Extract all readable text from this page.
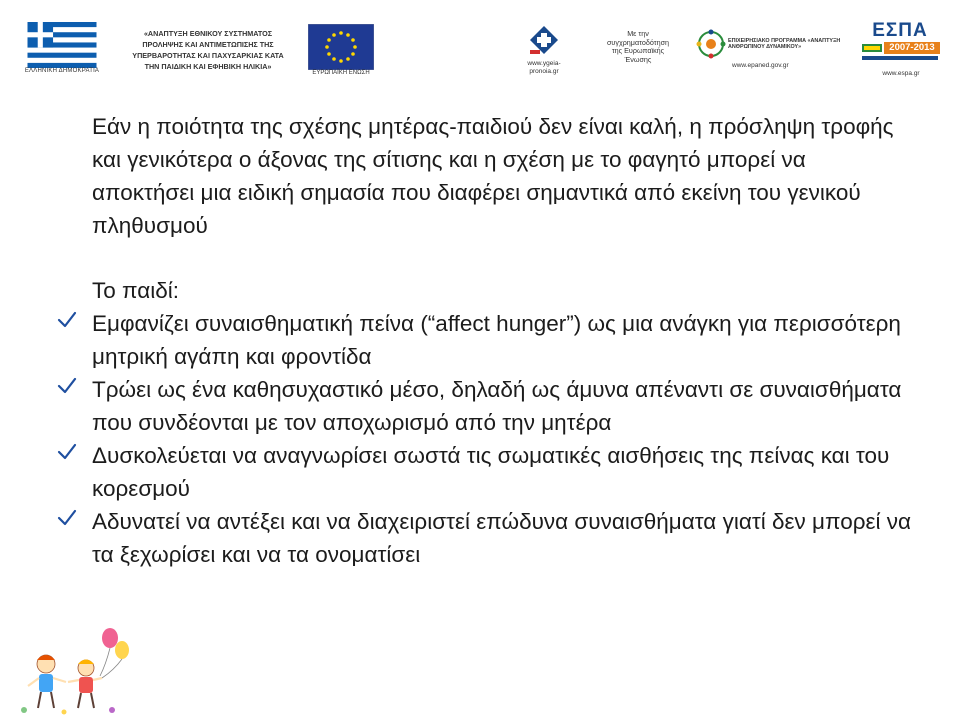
ΕΛΛΗΝΙΚΗ ΔΗΜΟΚΡΑΤΙΑ
«ΑΝΑΠΤΥΞΗ ΕΘΝΙΚΟΥ ΣΥΣΤΗΜΑΤΟΣ
ΠΡΟΛΗΨΗΣ ΚΑΙ ΑΝΤΙΜΕΤΩΠΙΣΗΣ ΤΗΣ
ΥΠΕΡΒΑΡΟΤΗΤΑΣ ΚΑΙ ΠΑΧΥΣΑΡΚΙΑΣ ΚΑΤΑ
ΤΗΝ ΠΑΙΔΙΚΗ ΚΑΙ ΕΦΗΒΙΚΗ ΗΛΙΚΙΑ»
ΕΥΡΩΠΑΪΚΗ ΕΝΩΣΗ
www.ygeia-
pronoia.gr
Με την
συγχρηματοδότηση
της Ευρωπαϊκής
Ένωσης
ΕΠΙΧΕΙΡΗΣΙΑΚΟ ΠΡΟΓΡΑΜΜΑ «ΑΝΑΠΤΥΞΗ ΑΝΘΡΩΠΙΝΟΥ ΔΥΝΑΜΙΚΟΥ»
www.epaned.gov.gr
ΕΣΠΑ
2007-2013
www.espa.gr

Εάν η ποιότητα της σχέσης μητέρας-παιδιού δεν είναι καλή, η πρόσληψη τροφής και γενικότερα ο άξονας της σίτισης και η σχέση με το φαγητό μπορεί να αποκτήσει μια ειδική σημασία που διαφέρει σημαντικά από εκείνη του γενικού πληθυσμού

Το παιδί:

Εμφανίζει συναισθηματική πείνα (“affect hunger”) ως μια ανάγκη για περισσότερη μητρική αγάπη και φροντίδα
Τρώει ως ένα καθησυχαστικό μέσο, δηλαδή ως άμυνα απέναντι σε συναισθήματα που συνδέονται με τον αποχωρισμό από την μητέρα
Δυσκολεύεται να αναγνωρίσει σωστά τις σωματικές αισθήσεις της πείνας και του κορεσμού
Αδυνατεί να αντέξει και να διαχειριστεί επώδυνα συναισθήματα γιατί δεν μπορεί να τα ξεχωρίσει και να τα ονοματίσει
